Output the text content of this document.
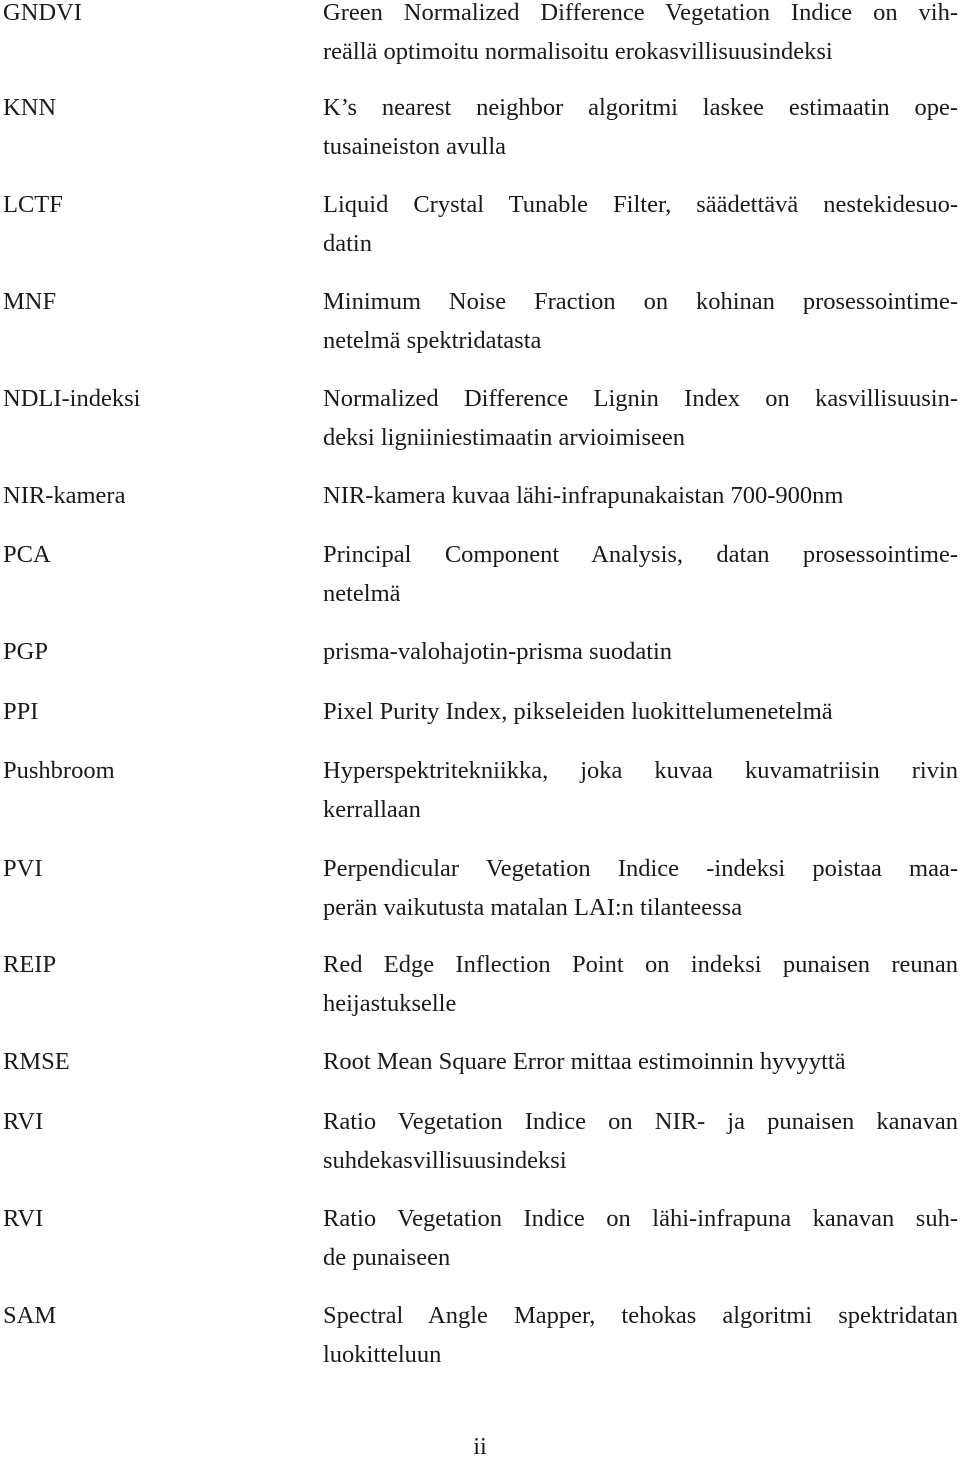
GNDVI	Green Normalized Difference Vegetation Indice on vih-
reällä optimoitu normalisoitu erokasvillisuusindeksi
KNN	K’s nearest neighbor algoritmi laskee estimaatin ope-
tusaineiston avulla
LCTF	Liquid Crystal Tunable Filter, säädettävä nestekidesuo-
datin
MNF	Minimum Noise Fraction on kohinan prosessointime-
netelmä spektridatasta
NDLI-indeksi	Normalized Difference Lignin Index on kasvillisuusin-
deksi ligniiniestimaatin arvioimiseen
NIR-kamera	NIR-kamera kuvaa lähi-infrapunakaistan 700-900nm
PCA	Principal Component Analysis, datan prosessointime-
netelmä
PGP	prisma-valohajotin-prisma suodatin
PPI	Pixel Purity Index, pikseleiden luokittelumenetelmä
Pushbroom	Hyperspektritekniikka, joka kuvaa kuvamatriisin rivin
kerrallaan
PVI	Perpendicular Vegetation Indice -indeksi poistaa maa-
perän vaikutusta matalan LAI:n tilanteessa
REIP	Red Edge Inflection Point on indeksi punaisen reunan
heijastukselle
RMSE	Root Mean Square Error mittaa estimoinnin hyvyyttä
RVI	Ratio Vegetation Indice on NIR- ja punaisen kanavan
suhdekasvillisuusindeksi
RVI	Ratio Vegetation Indice on lähi-infrapuna kanavan suh-
de punaiseen
SAM	Spectral Angle Mapper, tehokas algoritmi spektridatan
luokitteluun
ii
